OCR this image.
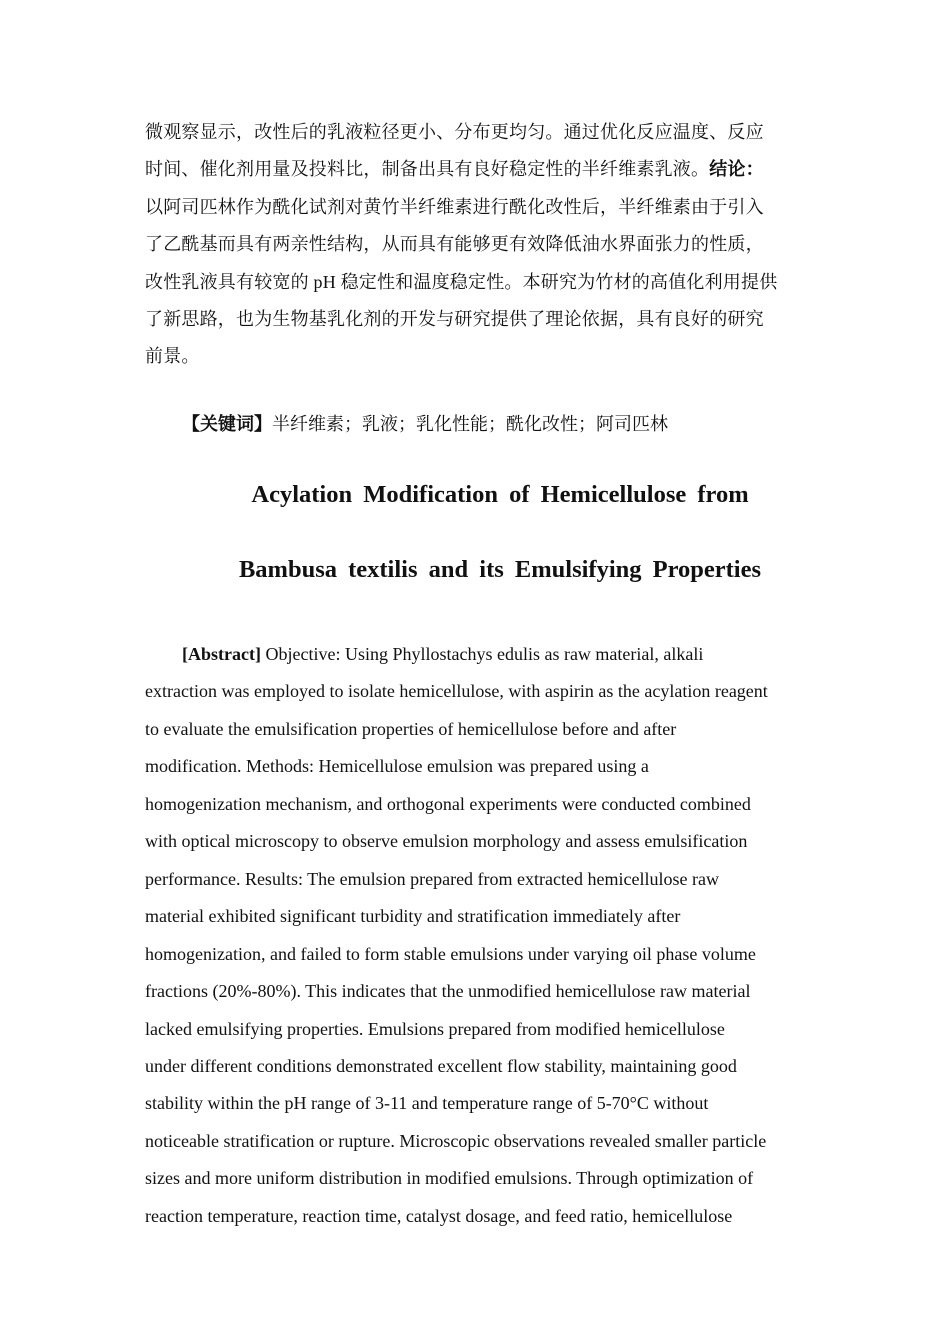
微观察显示，改性后的乳液粒径更小、分布更均匀。通过优化反应温度、反应
时间、催化剂用量及投料比，制备出具有良好稳定性的半纤维素乳液。结论：
以阿司匹林作为酰化试剂对黄竹半纤维素进行酰化改性后，半纤维素由于引入
了乙酰基而具有两亲性结构，从而具有能够更有效降低油水界面张力的性质，
改性乳液具有较宽的 pH 稳定性和温度稳定性。本研究为竹材的高值化利用提供
了新思路，也为生物基乳化剂的开发与研究提供了理论依据，具有良好的研究
前景。

【关键词】半纤维素；乳液；乳化性能；酰化改性；阿司匹林

Acylation Modification of Hemicellulose from
Bambusa textilis and its Emulsifying Properties
[Abstract] Objective: Using Phyllostachys edulis as raw material, alkali
extraction was employed to isolate hemicellulose, with aspirin as the acylation reagent
to evaluate the emulsification properties of hemicellulose before and after
modification. Methods: Hemicellulose emulsion was prepared using a
homogenization mechanism, and orthogonal experiments were conducted combined
with optical microscopy to observe emulsion morphology and assess emulsification
performance. Results: The emulsion prepared from extracted hemicellulose raw
material exhibited significant turbidity and stratification immediately after
homogenization, and failed to form stable emulsions under varying oil phase volume
fractions (20%-80%). This indicates that the unmodified hemicellulose raw material
lacked emulsifying properties. Emulsions prepared from modified hemicellulose
under different conditions demonstrated excellent flow stability, maintaining good
stability within the pH range of 3-11 and temperature range of 5-70°C without
noticeable stratification or rupture. Microscopic observations revealed smaller particle
sizes and more uniform distribution in modified emulsions. Through optimization of
reaction temperature, reaction time, catalyst dosage, and feed ratio, hemicellulose
